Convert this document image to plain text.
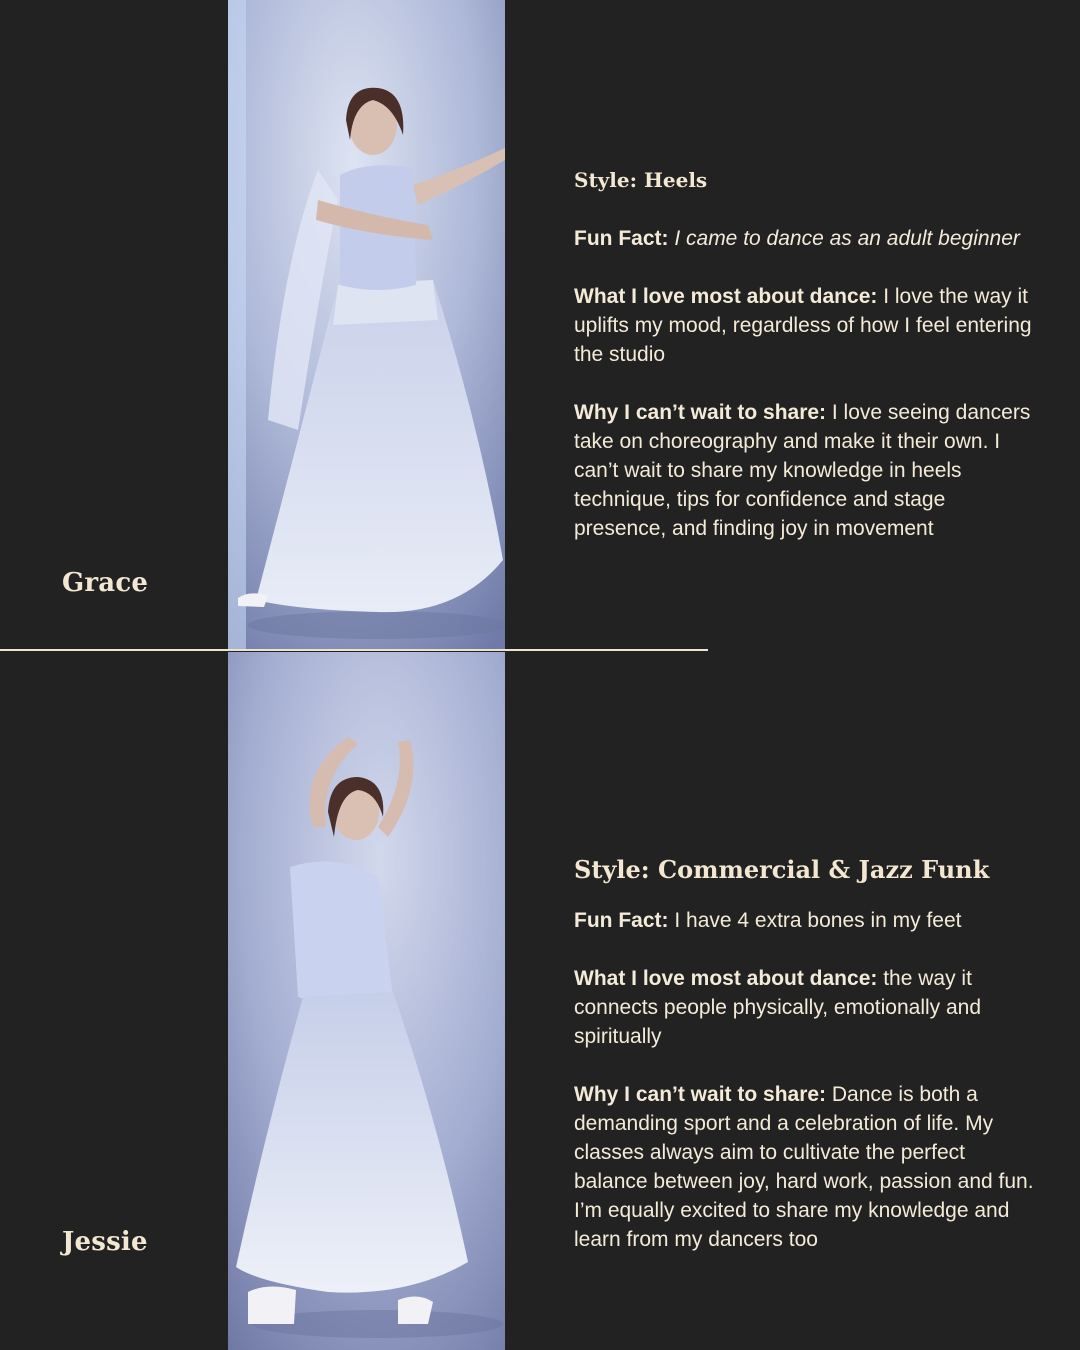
Grace
Jessie
Style: Heels
Fun Fact: I came to dance as an adult beginner
What I love most about dance: I love the way it uplifts my mood, regardless of how I feel entering the studio
Why I can’t wait to share: I love seeing dancers take on choreography and make it their own. I can’t wait to share my knowledge in heels technique, tips for confidence and stage presence, and finding joy in movement
Style: Commercial & Jazz Funk
Fun Fact: I have 4 extra bones in my feet
What I love most about dance: the way it connects people physically, emotionally and spiritually
Why I can’t wait to share: Dance is both a demanding sport and a celebration of life. My classes always aim to cultivate the perfect balance between joy, hard work, passion and fun. I’m equally excited to share my knowledge and learn from my dancers too
